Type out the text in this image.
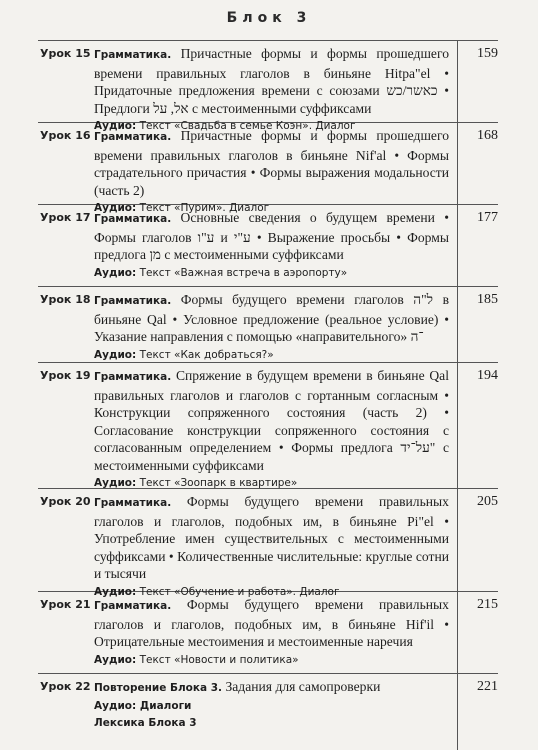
Блок 3
Урок 15 Грамматика. Причастные формы и формы прошедшего времени правильных глаголов в биньяне Hitpa"el • Придаточные предложения времени с союзами כאשר/כש • Предлоги אל, על с местоименными суффиксами
Аудио: Текст «Свадьба в семье Коэн». Диалог
159
Урок 16 Грамматика. Причастные формы и формы прошедшего времени правильных глаголов в биньяне Nif'al • Формы страдательного причастия • Формы выражения модальности (часть 2)
Аудио: Текст «Пурим». Диалог
168
Урок 17 Грамматика. Основные сведения о будущем времени • Формы глаголов ע"ו и ע"י • Выражение просьбы • Формы предлога מן с местоименными суффиксами
Аудио: Текст «Важная встреча в аэропорту»
177
Урок 18 Грамматика. Формы будущего времени глаголов ל"ה в биньяне Qal • Условное предложение (реальное условие) • Указание направления с помощью «направительного» ־ה
Аудио: Текст «Как добраться?»
185
Урок 19 Грамматика. Спряжение в будущем времени в биньяне Qal правильных глаголов и глаголов с гортанным согласным • Конструкции сопряженного состояния (часть 2) • Согласование конструкции сопряженного состояния с согласованным определением • Формы предлога על־יד" с местоименными суффиксами
Аудио: Текст «Зоопарк в квартире»
194
Урок 20 Грамматика. Формы будущего времени правильных глаголов и глаголов, подобных им, в биньяне Pi"el • Употребление имен существительных с местоименными суффиксами • Количественные числительные: круглые сотни и тысячи
Аудио: Текст «Обучение и работа». Диалог
205
Урок 21 Грамматика. Формы будущего времени правильных глаголов и глаголов, подобных им, в биньяне Hif'il • Отрицательные местоимения и местоименные наречия
Аудио: Текст «Новости и политика»
215
Урок 22 Повторение Блока 3. Задания для самопроверки
Аудио: Диалоги
Лексика Блока 3
221
